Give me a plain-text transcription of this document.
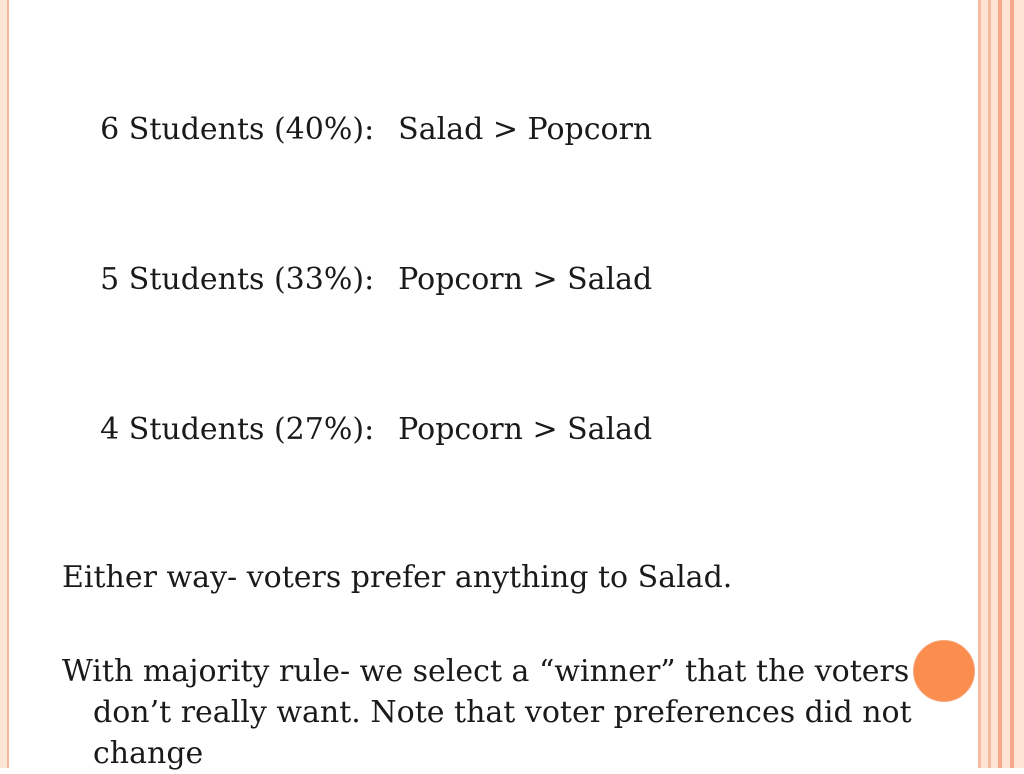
6 Students (40%): Salad > Popcorn

5 Students (33%): Popcorn > Salad

4 Students (27%): Popcorn > Salad

Either way- voters prefer anything to Salad.
With majority rule- we select a “winner” that the voters don’t really want. Note that voter preferences did not change
